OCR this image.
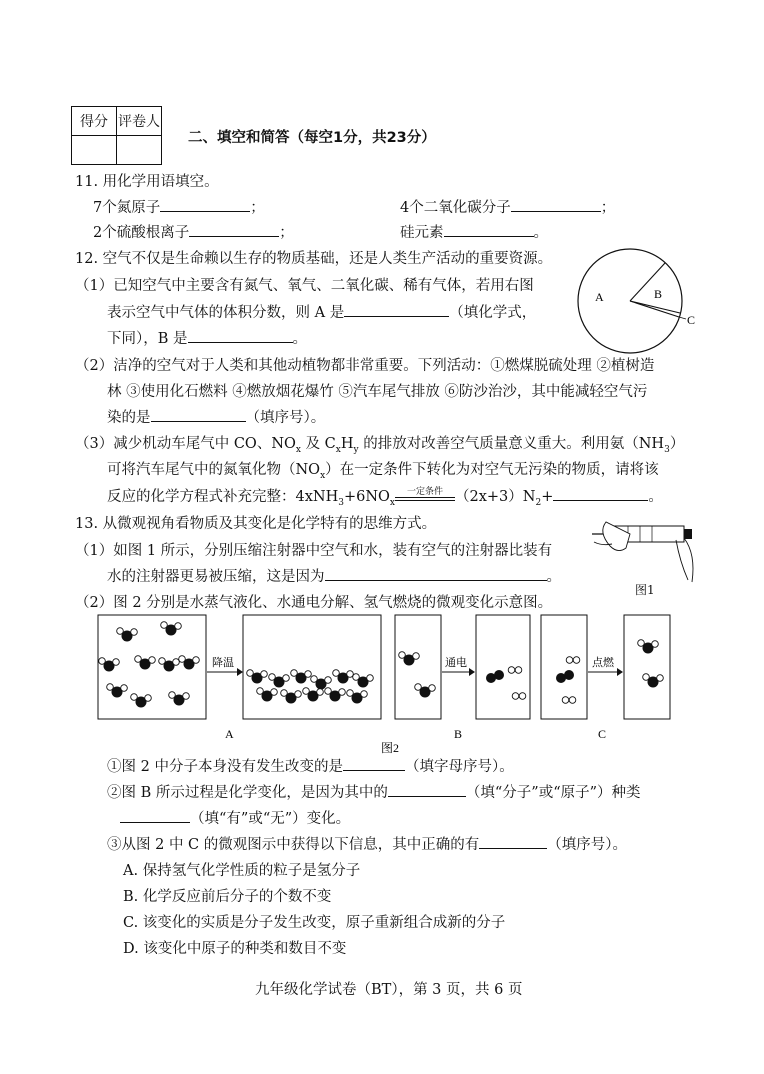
得分	评卷人

二、填空和简答（每空1分，共23分）
11. 用化学用语填空。
7个氮原子	；	4个二氧化碳分子	；
2个硫酸根离子	；	硅元素	。
12. 空气不仅是生命赖以生存的物质基础，还是人类生产活动的重要资源。
（1）已知空气中主要含有氮气、氧气、二氧化碳、稀有气体，若用右图
表示空气中气体的体积分数，则 A 是	（填化学式，
下同），B 是	。
A	B
C
（2）洁净的空气对于人类和其他动植物都非常重要。下列活动：①燃煤脱硫处理 ②植树造
林 ③使用化石燃料 ④燃放烟花爆竹 ⑤汽车尾气排放 ⑥防沙治沙，其中能减轻空气污
染的是	（填序号）。
（3）减少机动车尾气中 CO、$NO_x$ 及 $C_xH_y$ 的排放对改善空气质量意义重大。利用氨$(NH_3)$
可将汽车尾气中的氮氧化物$(NO_x)$在一定条件下转化为对空气无污染的物质，请将该
反应的化学方程式补充完整：$4xNH_3+6NO_x$
一定条件 $(2x+3)N_2+$	。
13. 从微观视角看物质及其变化是化学特有的思维方式。
（1）如图 1 所示，分别压缩注射器中空气和水，装有空气的注射器比装有
水的注射器更易被压缩，这是因为	。
图1
（2）图 2 分别是水蒸气液化、水通电分解、氢气燃烧的微观变化示意图。
降温	通电	点燃
A	B	C
图2
①图 2 中分子本身没有发生改变的是	（填字母序号）。
②图 B 所示过程是化学变化，是因为其中的	（填“分子”或“原子”）种类
（填“有”或“无”）变化。
③从图 2 中 C 的微观图示中获得以下信息，其中正确的有	（填序号）。
A. 保持氢气化学性质的粒子是氢分子
B. 化学反应前后分子的个数不变
C. 该变化的实质是分子发生改变，原子重新组合成新的分子
D. 该变化中原子的种类和数目不变
九年级化学试卷（BT），第 3 页，共 6 页
